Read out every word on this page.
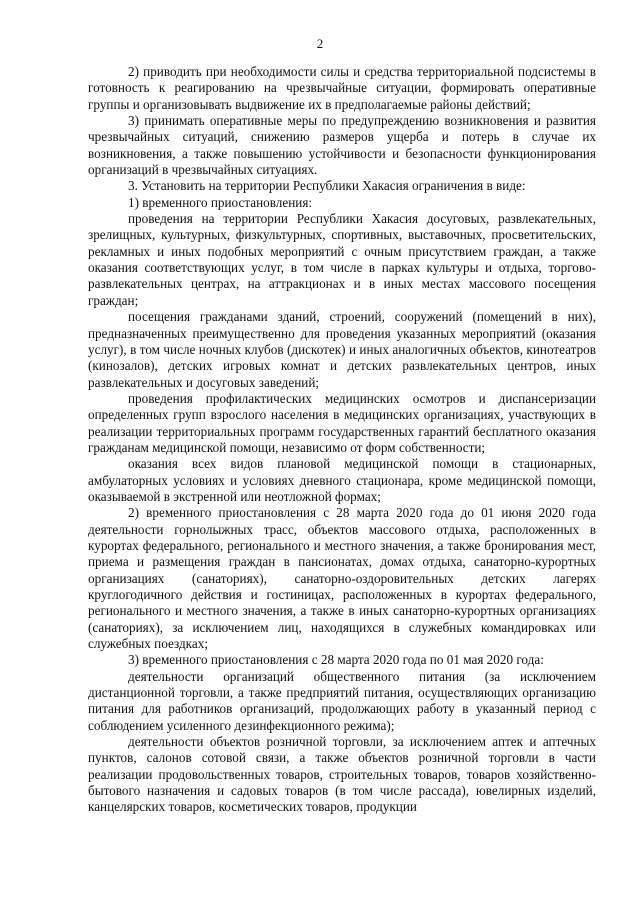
2

2) приводить при необходимости силы и средства территориальной подсистемы в готовность к реагированию на чрезвычайные ситуации, формировать оперативные группы и организовывать выдвижение их в предполагаемые районы действий;

3) принимать оперативные меры по предупреждению возникновения и развития чрезвычайных ситуаций, снижению размеров ущерба и потерь в случае их возникновения, а также повышению устойчивости и безопасности функционирования организаций в чрезвычайных ситуациях.

3. Установить на территории Республики Хакасия ограничения в виде:

1) временного приостановления:

проведения на территории Республики Хакасия досуговых, развлекательных, зрелищных, культурных, физкультурных, спортивных, выставочных, просветительских, рекламных и иных подобных мероприятий с очным присутствием граждан, а также оказания соответствующих услуг, в том числе в парках культуры и отдыха, торгово-развлекательных центрах, на аттракционах и в иных местах массового посещения граждан;

посещения гражданами зданий, строений, сооружений (помещений в них), предназначенных преимущественно для проведения указанных мероприятий (оказания услуг), в том числе ночных клубов (дискотек) и иных аналогичных объектов, кинотеатров (кинозалов), детских игровых комнат и детских развлекательных центров, иных развлекательных и досуговых заведений;

проведения профилактических медицинских осмотров и диспансеризации определенных групп взрослого населения в медицинских организациях, участвующих в реализации территориальных программ государственных гарантий бесплатного оказания гражданам медицинской помощи, независимо от форм собственности;

оказания всех видов плановой медицинской помощи в стационарных, амбулаторных условиях и условиях дневного стационара, кроме медицинской помощи, оказываемой в экстренной или неотложной формах;

2) временного приостановления с 28 марта 2020 года до 01 июня 2020 года деятельности горнолыжных трасс, объектов массового отдыха, расположенных в курортах федерального, регионального и местного значения, а также бронирования мест, приема и размещения граждан в пансионатах, домах отдыха, санаторно-курортных организациях (санаториях), санаторно-оздоровительных детских лагерях круглогодичного действия и гостиницах, расположенных в курортах федерального, регионального и местного значения, а также в иных санаторно-курортных организациях (санаториях), за исключением лиц, находящихся в служебных командировках или служебных поездках;

3) временного приостановления с 28 марта 2020 года по 01 мая 2020 года:

деятельности организаций общественного питания (за исключением дистанционной торговли, а также предприятий питания, осуществляющих организацию питания для работников организаций, продолжающих работу в указанный период с соблюдением усиленного дезинфекционного режима);

деятельности объектов розничной торговли, за исключением аптек и аптечных пунктов, салонов сотовой связи, а также объектов розничной торговли в части реализации продовольственных товаров, строительных товаров, товаров хозяйственно-бытового назначения и садовых товаров (в том числе рассада), ювелирных изделий, канцелярских товаров, косметических товаров, продукции
